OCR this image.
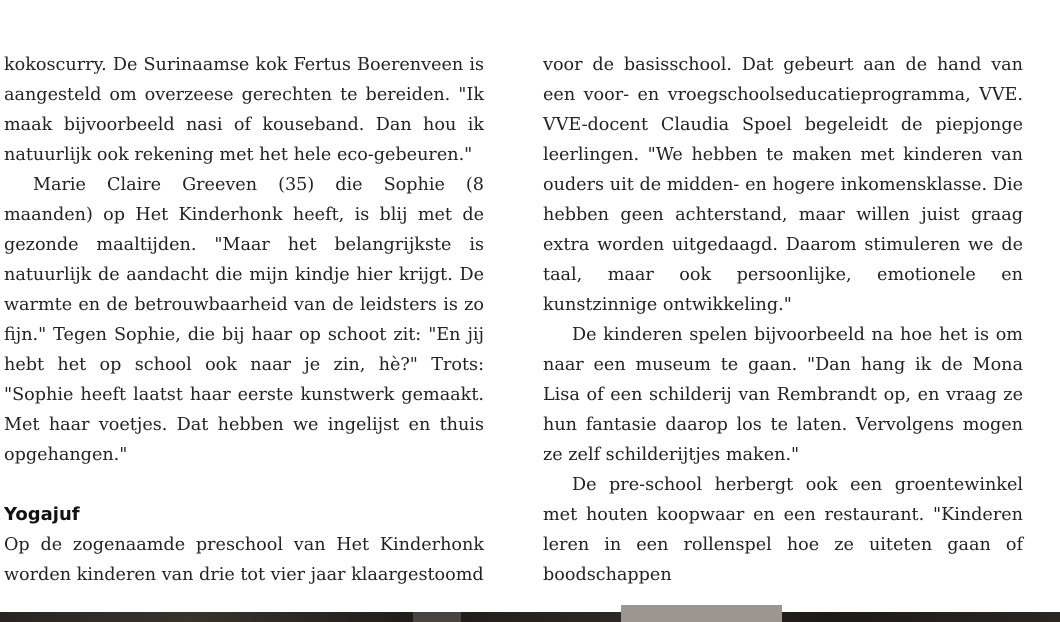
kokoscurry. De Surinaamse kok Fertus Boerenveen is aangesteld om overzeese gerechten te bereiden. "Ik maak bijvoorbeeld nasi of kouseband. Dan hou ik natuurlijk ook rekening met het hele eco-gebeuren."

Marie Claire Greeven (35) die Sophie (8 maanden) op Het Kinderhonk heeft, is blij met de gezonde maaltijden. "Maar het belangrijkste is natuurlijk de aandacht die mijn kindje hier krijgt. De warmte en de betrouwbaarheid van de leidsters is zo fijn." Tegen Sophie, die bij haar op schoot zit: "En jij hebt het op school ook naar je zin, hè?" Trots: "Sophie heeft laatst haar eerste kunstwerk gemaakt. Met haar voetjes. Dat hebben we ingelijst en thuis opgehangen."

Yogajuf

Op de zogenaamde preschool van Het Kinderhonk worden kinderen van drie tot vier jaar klaargestoomd

voor de basisschool. Dat gebeurt aan de hand van een voor- en vroegschoolseducatieprogramma, VVE. VVE-docent Claudia Spoel begeleidt de piepjonge leerlingen. "We hebben te maken met kinderen van ouders uit de midden- en hogere inkomensklasse. Die hebben geen achterstand, maar willen juist graag extra worden uitgedaagd. Daarom stimuleren we de taal, maar ook persoonlijke, emotionele en kunstzinnige ontwikkeling."

De kinderen spelen bijvoorbeeld na hoe het is om naar een museum te gaan. "Dan hang ik de Mona Lisa of een schilderij van Rembrandt op, en vraag ze hun fantasie daarop los te laten. Vervolgens mogen ze zelf schilderijtjes maken."

De pre-school herbergt ook een groentewinkel met houten koopwaar en een restaurant. "Kinderen leren in een rollenspel hoe ze uiteten gaan of boodschappen
